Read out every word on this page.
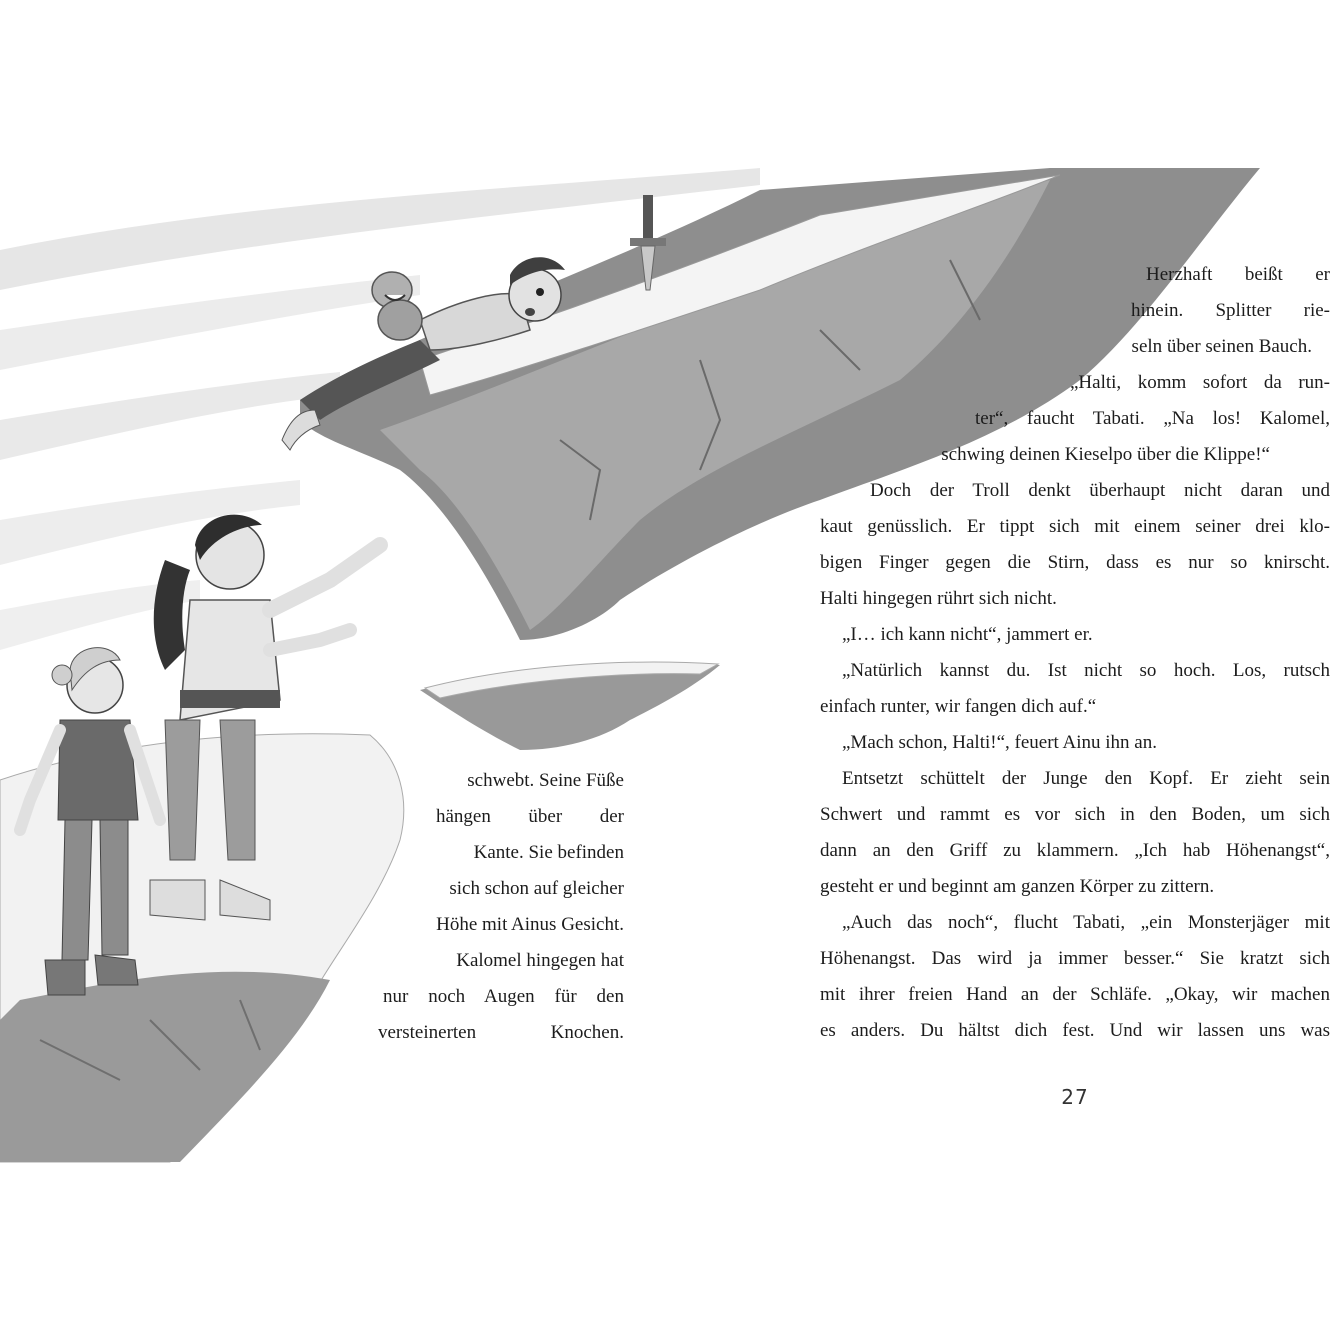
schwebt. Seine Füße
hängen über der
Kante. Sie befinden
sich schon auf gleicher
Höhe mit Ainus Gesicht.
Kalomel hingegen hat
nur noch Augen für den
versteinerten Knochen.
Herzhaft beißt er
hinein. Splitter rie-
seln über seinen Bauch.
„Halti, komm sofort da run-
ter“, faucht Tabati. „Na los! Kalomel,
schwing deinen Kieselpo über die Klippe!“
Doch der Troll denkt überhaupt nicht daran und
kaut genüsslich. Er tippt sich mit einem seiner drei klo-
bigen Finger gegen die Stirn, dass es nur so knirscht.
Halti hingegen rührt sich nicht.
„I… ich kann nicht“, jammert er.
„Natürlich kannst du. Ist nicht so hoch. Los, rutsch
einfach runter, wir fangen dich auf.“
„Mach schon, Halti!“, feuert Ainu ihn an.
Entsetzt schüttelt der Junge den Kopf. Er zieht sein
Schwert und rammt es vor sich in den Boden, um sich
dann an den Griff zu klammern. „Ich hab Höhenangst“,
gesteht er und beginnt am ganzen Körper zu zittern.
„Auch das noch“, flucht Tabati, „ein Monsterjäger mit
Höhenangst. Das wird ja immer besser.“ Sie kratzt sich
mit ihrer freien Hand an der Schläfe. „Okay, wir machen
es anders. Du hältst dich fest. Und wir lassen uns was
27
